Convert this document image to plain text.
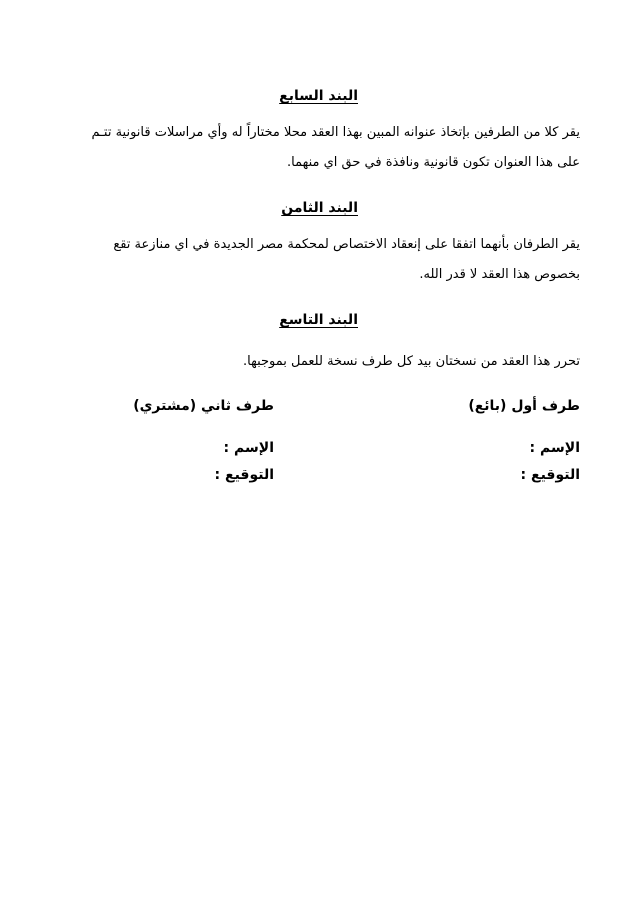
البند السابع
يقر كلا من الطرفين بإتخاذ عنوانه المبين بهذا العقد محلا مختاراً له وأي مراسلات قانونية تتـم
على هذا العنوان تكون قانونية ونافذة في حق اي منهما.
البند الثامن
يقر الطرفان بأنهما اتفقا على إنعقاد الاختصاص لمحكمة مصر الجديدة في اي منازعة تقع
بخصوص هذا العقد لا قدر الله.
البند التاسع
تحرر هذا العقد من نسختان بيد كل طرف نسخة للعمل بموجبها.
طرف أول (بائع)
الإسم :
التوقيع :
طرف ثاني (مشتري)
الإسم :
التوقيع :
